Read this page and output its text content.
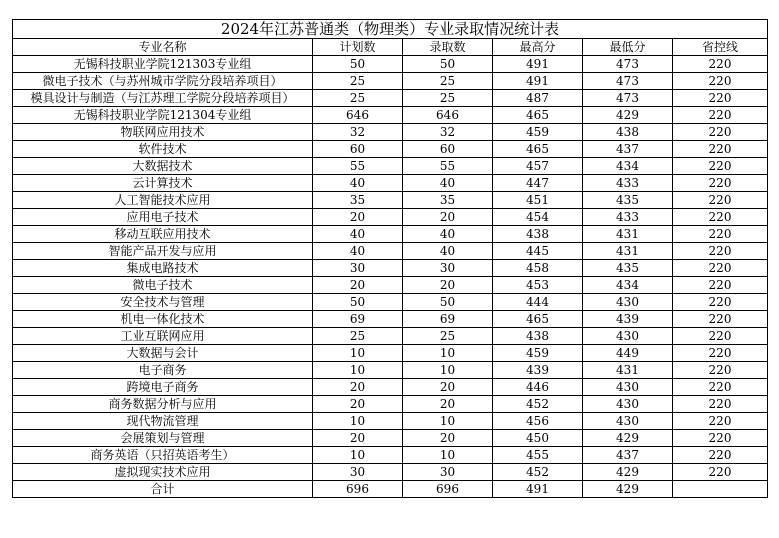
2024年江苏普通类（物理类）专业录取情况统计表					
专业名称	计划数	录取数	最高分	最低分	省控线
无锡科技职业学院121303专业组	50	50	491	473	220
微电子技术（与苏州城市学院分段培养项目）	25	25	491	473	220
模具设计与制造（与江苏理工学院分段培养项目）	25	25	487	473	220
无锡科技职业学院121304专业组	646	646	465	429	220
物联网应用技术	32	32	459	438	220
软件技术	60	60	465	437	220
大数据技术	55	55	457	434	220
云计算技术	40	40	447	433	220
人工智能技术应用	35	35	451	435	220
应用电子技术	20	20	454	433	220
移动互联应用技术	40	40	438	431	220
智能产品开发与应用	40	40	445	431	220
集成电路技术	30	30	458	435	220
微电子技术	20	20	453	434	220
安全技术与管理	50	50	444	430	220
机电一体化技术	69	69	465	439	220
工业互联网应用	25	25	438	430	220
大数据与会计	10	10	459	449	220
电子商务	10	10	439	431	220
跨境电子商务	20	20	446	430	220
商务数据分析与应用	20	20	452	430	220
现代物流管理	10	10	456	430	220
会展策划与管理	20	20	450	429	220
商务英语（只招英语考生）	10	10	455	437	220
虚拟现实技术应用	30	30	452	429	220
合计	696	696	491	429	
